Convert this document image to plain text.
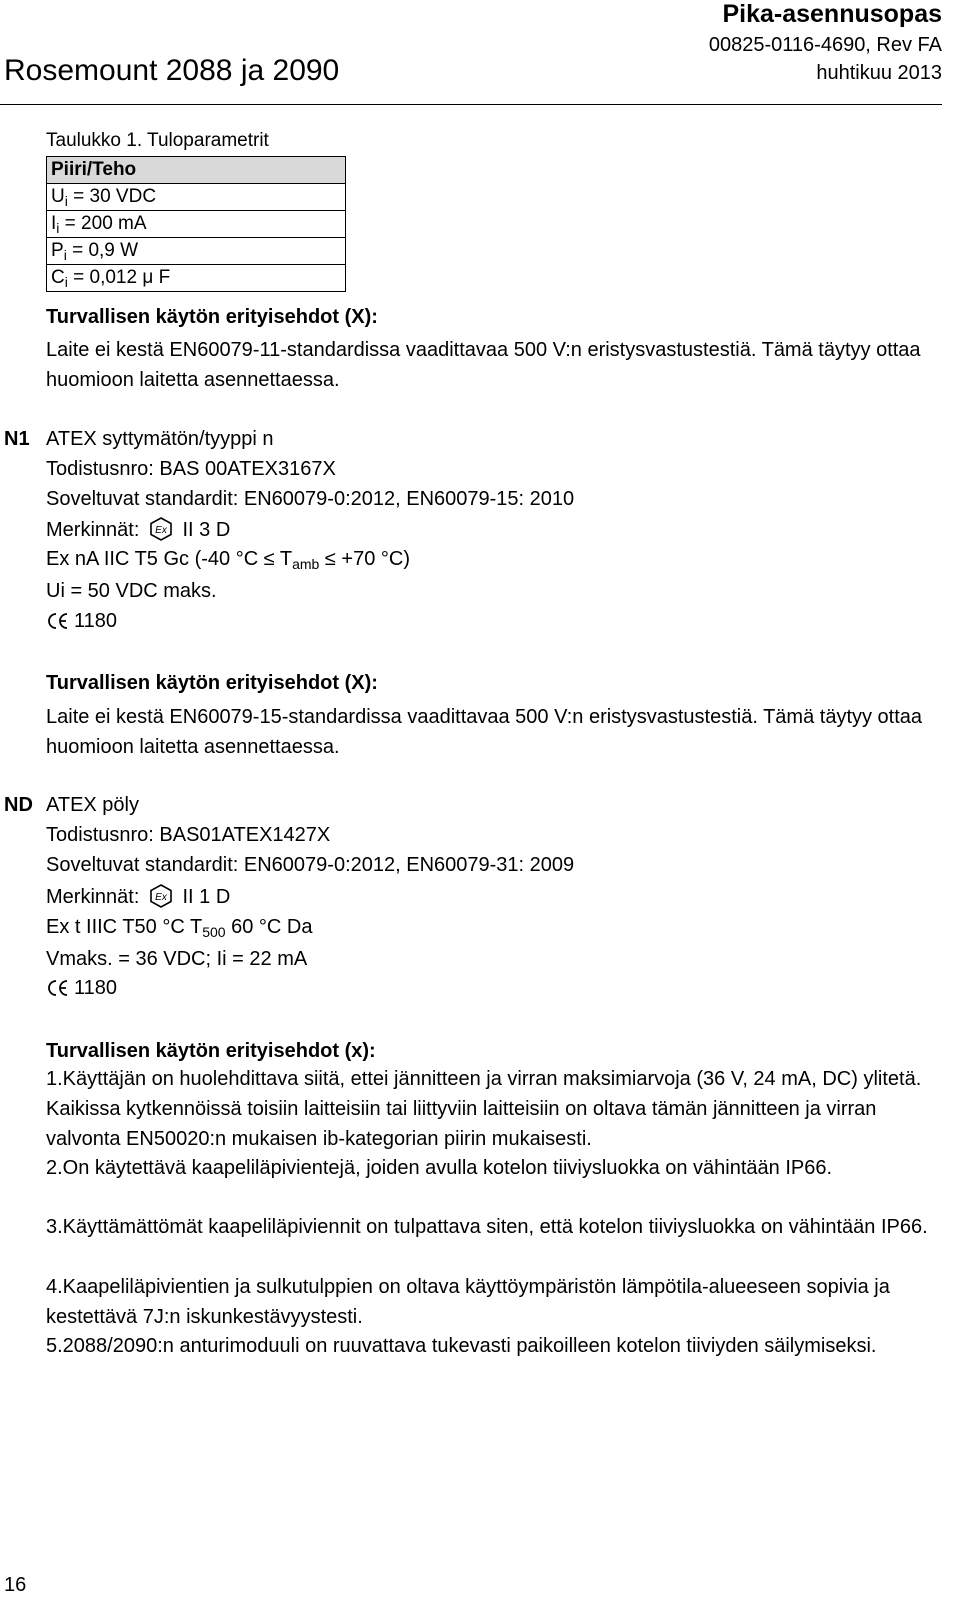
Rosemount 2088 ja 2090
Pika-asennusopas
00825-0116-4690, Rev FA
huhtikuu 2013
Taulukko 1. Tuloparametrit
Piiri/Teho
$U_i = 30$ VDC
$I_i = 200$ mA
$P_i = 0,9$ W
$C_i = 0,012$ μ F
Turvallisen käytön erityisehdot (X):
Laite ei kestä EN60079-11-standardissa vaadittavaa 500 V:n eristysvastustestiä. Tämä täytyy ottaa huomioon laitetta asennettaessa.
N1 ATEX syttymätön/tyyppi n
Todistusnro: BAS 00ATEX3167X
Soveltuvat standardit: EN60079-0:2012, EN60079-15: 2010
Merkinnät: Ex II 3 D
Ex nA IIC T5 Gc (-40 $^\circ C \le T_{amb} \le +70$ °C)
Ui = 50 VDC maks.
1180
Turvallisen käytön erityisehdot (X):
Laite ei kestä EN60079-15-standardissa vaadittavaa 500 V:n eristysvastustestiä. Tämä täytyy ottaa huomioon laitetta asennettaessa.
ND ATEX pöly
Todistusnro: BAS01ATEX1427X
Soveltuvat standardit: EN60079-0:2012, EN60079-31: 2009
Merkinnät: Ex II 1 D
Ex t IIIC T50 °C $T_{500}$ 60 °C Da
Vmaks. = 36 VDC; Ii = 22 mA
1180
Turvallisen käytön erityisehdot (x):
1.Käyttäjän on huolehdittava siitä, ettei jännitteen ja virran maksimiarvoja (36 V, 24 mA, DC) ylitetä. Kaikissa kytkennöissä toisiin laitteisiin tai liittyviin laitteisiin on oltava tämän jännitteen ja virran valvonta EN50020:n mukaisen ib-kategorian piirin mukaisesti.
2.On käytettävä kaapeliläpivientejä, joiden avulla kotelon tiiviysluokka on vähintään IP66.
3.Käyttämättömät kaapeliläpiviennit on tulpattava siten, että kotelon tiiviysluokka on vähintään IP66.
4.Kaapeliläpivientien ja sulkutulppien on oltava käyttöympäristön lämpötila-alueeseen sopivia ja kestettävä 7J:n iskunkestävyystesti.
5.2088/2090:n anturimoduuli on ruuvattava tukevasti paikoilleen kotelon tiiviyden säilymiseksi.
16
